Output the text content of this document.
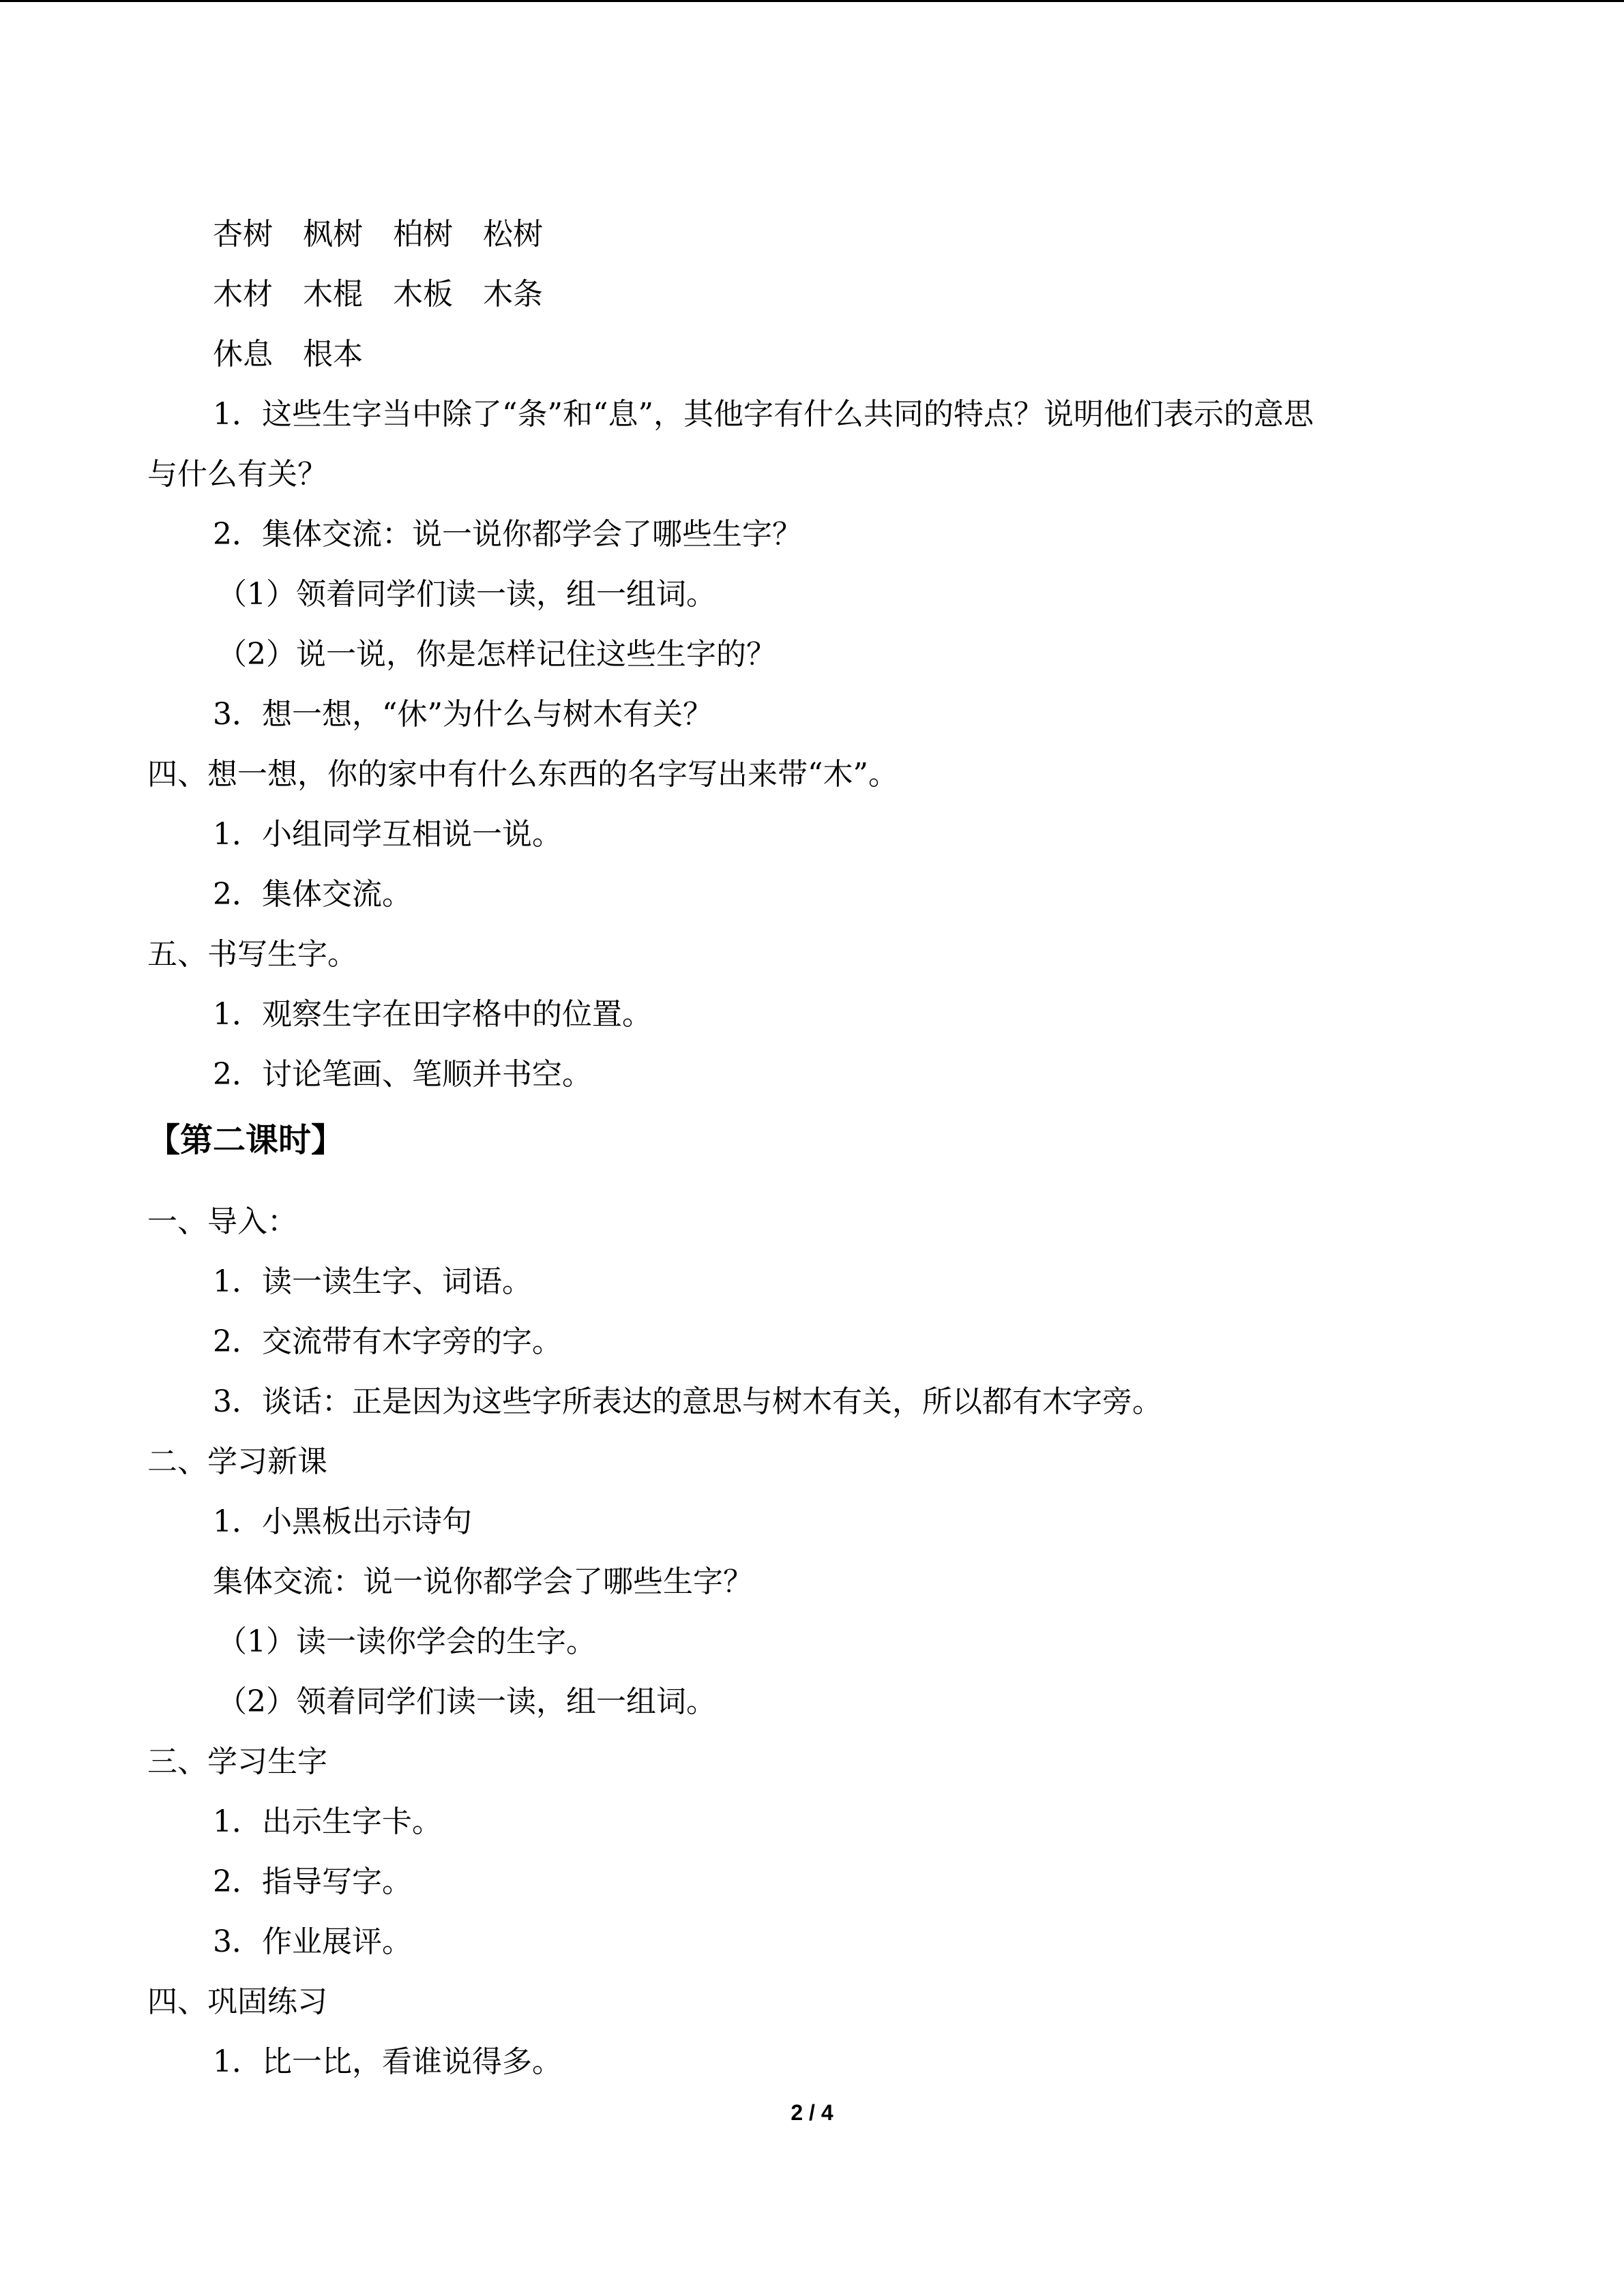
杏树　枫树　柏树　松树
木材　木棍　木板　木条
休息　根本
1．这些生字当中除了“条”和“息”，其他字有什么共同的特点？说明他们表示的意思
与什么有关？
2．集体交流：说一说你都学会了哪些生字？
（1）领着同学们读一读，组一组词。
（2）说一说，你是怎样记住这些生字的？
3．想一想，“休”为什么与树木有关？
四、想一想，你的家中有什么东西的名字写出来带“木”。
1．小组同学互相说一说。
2．集体交流。
五、书写生字。
1．观察生字在田字格中的位置。
2．讨论笔画、笔顺并书空。
【第二课时】
一、导入：
1．读一读生字、词语。
2．交流带有木字旁的字。
3．谈话：正是因为这些字所表达的意思与树木有关，所以都有木字旁。
二、学习新课
1．小黑板出示诗句
集体交流：说一说你都学会了哪些生字？
（1）读一读你学会的生字。
（2）领着同学们读一读，组一组词。
三、学习生字
1．出示生字卡。
2．指导写字。
3．作业展评。
四、巩固练习
1．比一比，看谁说得多。
2 / 4
